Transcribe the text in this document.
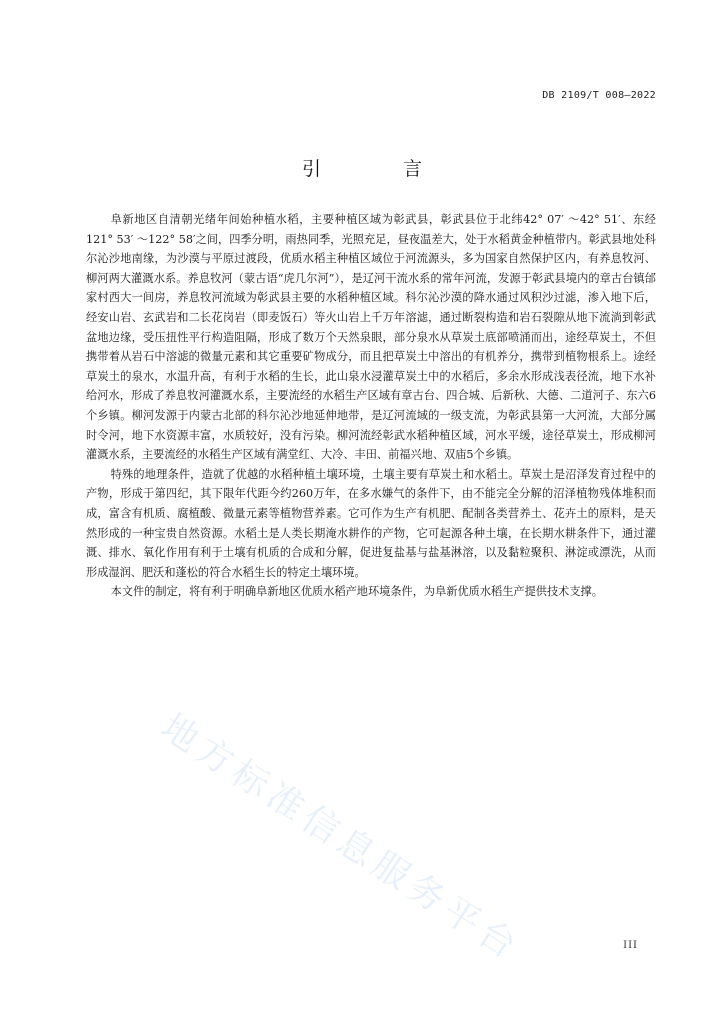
DB 2109/T 008—2022
引 言

阜新地区自清朝光绪年间始种植水稻，主要种植区域为彰武县，彰武县位于北纬42° 07′ ～42° 51′、东经121° 53′ ～122° 58′之间，四季分明，雨热同季，光照充足，昼夜温差大，处于水稻黄金种植带内。彰武县地处科尔沁沙地南缘，为沙漠与平原过渡段，优质水稻主种植区域位于河流源头，多为国家自然保护区内，有养息牧河、柳河两大灌溉水系。养息牧河（蒙古语“虎几尔河”），是辽河干流水系的常年河流，发源于彰武县境内的章古台镇邰家村西大一间房，养息牧河流域为彰武县主要的水稻种植区域。科尔沁沙漠的降水通过风积沙过滤，渗入地下后，经安山岩、玄武岩和二长花岗岩（即麦饭石）等火山岩上千万年溶滤，通过断裂构造和岩石裂隙从地下流淌到彰武盆地边缘，受压扭性平行构造阻隔，形成了数万个天然泉眼，部分泉水从草炭土底部喷涌而出，途经草炭土，不但携带着从岩石中溶滤的微量元素和其它重要矿物成分，而且把草炭土中溶出的有机养分，携带到植物根系上。途经草炭土的泉水，水温升高，有利于水稻的生长，此山泉水浸灌草炭土中的水稻后，多余水形成浅表径流，地下水补给河水，形成了养息牧河灌溉水系，主要流经的水稻生产区域有章古台、四合城、后新秋、大德、二道河子、东六6个乡镇。柳河发源于内蒙古北部的科尔沁沙地延伸地带，是辽河流域的一级支流，为彰武县第一大河流，大部分属时令河，地下水资源丰富，水质较好，没有污染。柳河流经彰武水稻种植区域，河水平缓，途径草炭土，形成柳河灌溉水系，主要流经的水稻生产区域有满堂红、大冷、丰田、前福兴地、双庙5个乡镇。

特殊的地理条件，造就了优越的水稻种植土壤环境，土壤主要有草炭土和水稻土。草炭土是沼泽发育过程中的产物，形成于第四纪，其下限年代距今约260万年，在多水嫌气的条件下，由不能完全分解的沼泽植物残体堆积而成，富含有机质、腐植酸、微量元素等植物营养素。它可作为生产有机肥、配制各类营养土、花卉土的原料，是天然形成的一种宝贵自然资源。水稻土是人类长期淹水耕作的产物，它可起源各种土壤，在长期水耕条件下，通过灌溉、排水、氧化作用有利于土壤有机质的合成和分解，促进复盐基与盐基淋溶，以及黏粒聚积、淋淀或漂洗，从而形成湿润、肥沃和蓬松的符合水稻生长的特定土壤环境。

本文件的制定，将有利于明确阜新地区优质水稻产地环境条件，为阜新优质水稻生产提供技术支撑。

地方标准信息服务平台	III
